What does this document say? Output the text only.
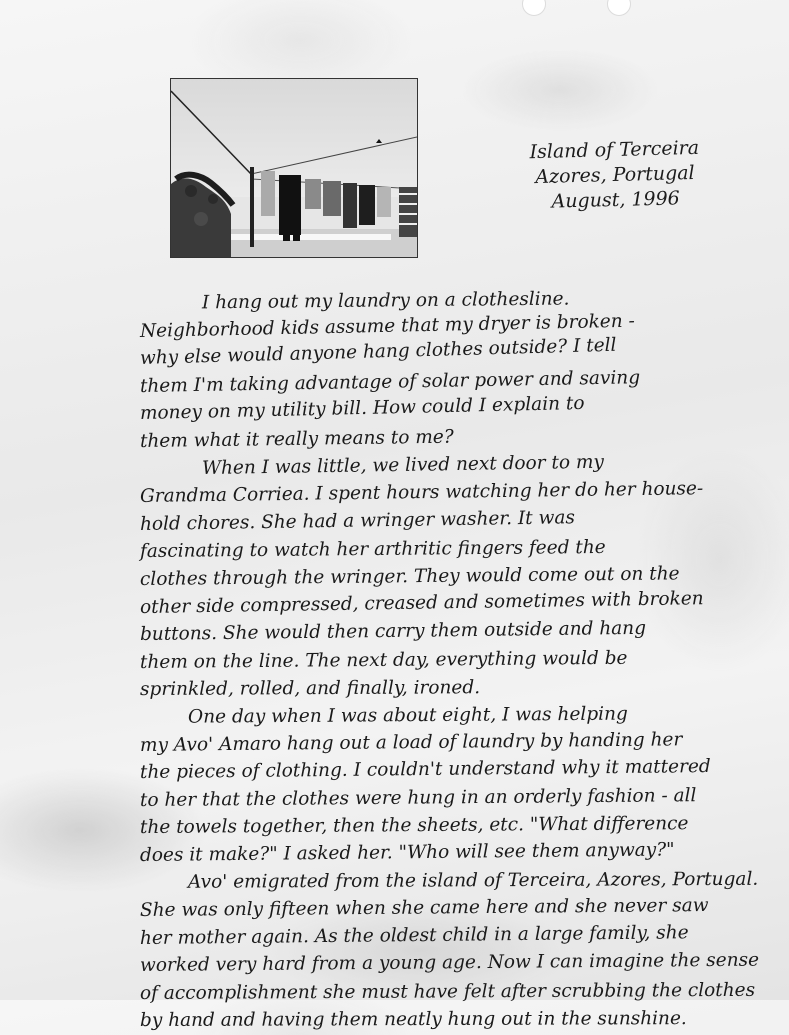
Island of Terceira
Azores, Portugal
August, 1996
I hang out my laundry on a clothesline.
Neighborhood kids assume that my dryer is broken -
why else would anyone hang clothes outside? I tell
them I'm taking advantage of solar power and saving
money on my utility bill. How could I explain to
them what it really means to me?
When I was little, we lived next door to my
Grandma Corriea. I spent hours watching her do her house-
hold chores. She had a wringer washer. It was
fascinating to watch her arthritic fingers feed the
clothes through the wringer. They would come out on the
other side compressed, creased and sometimes with broken
buttons. She would then carry them outside and hang
them on the line. The next day, everything would be
sprinkled, rolled, and finally, ironed.
One day when I was about eight, I was helping
my Avo' Amaro hang out a load of laundry by handing her
the pieces of clothing. I couldn't understand why it mattered
to her that the clothes were hung in an orderly fashion - all
the towels together, then the sheets, etc. "What difference
does it make?" I asked her. "Who will see them anyway?"
Avo' emigrated from the island of Terceira, Azores, Portugal.
She was only fifteen when she came here and she never saw
her mother again. As the oldest child in a large family, she
worked very hard from a young age. Now I can imagine the sense
of accomplishment she must have felt after scrubbing the clothes
by hand and having them neatly hung out in the sunshine.
